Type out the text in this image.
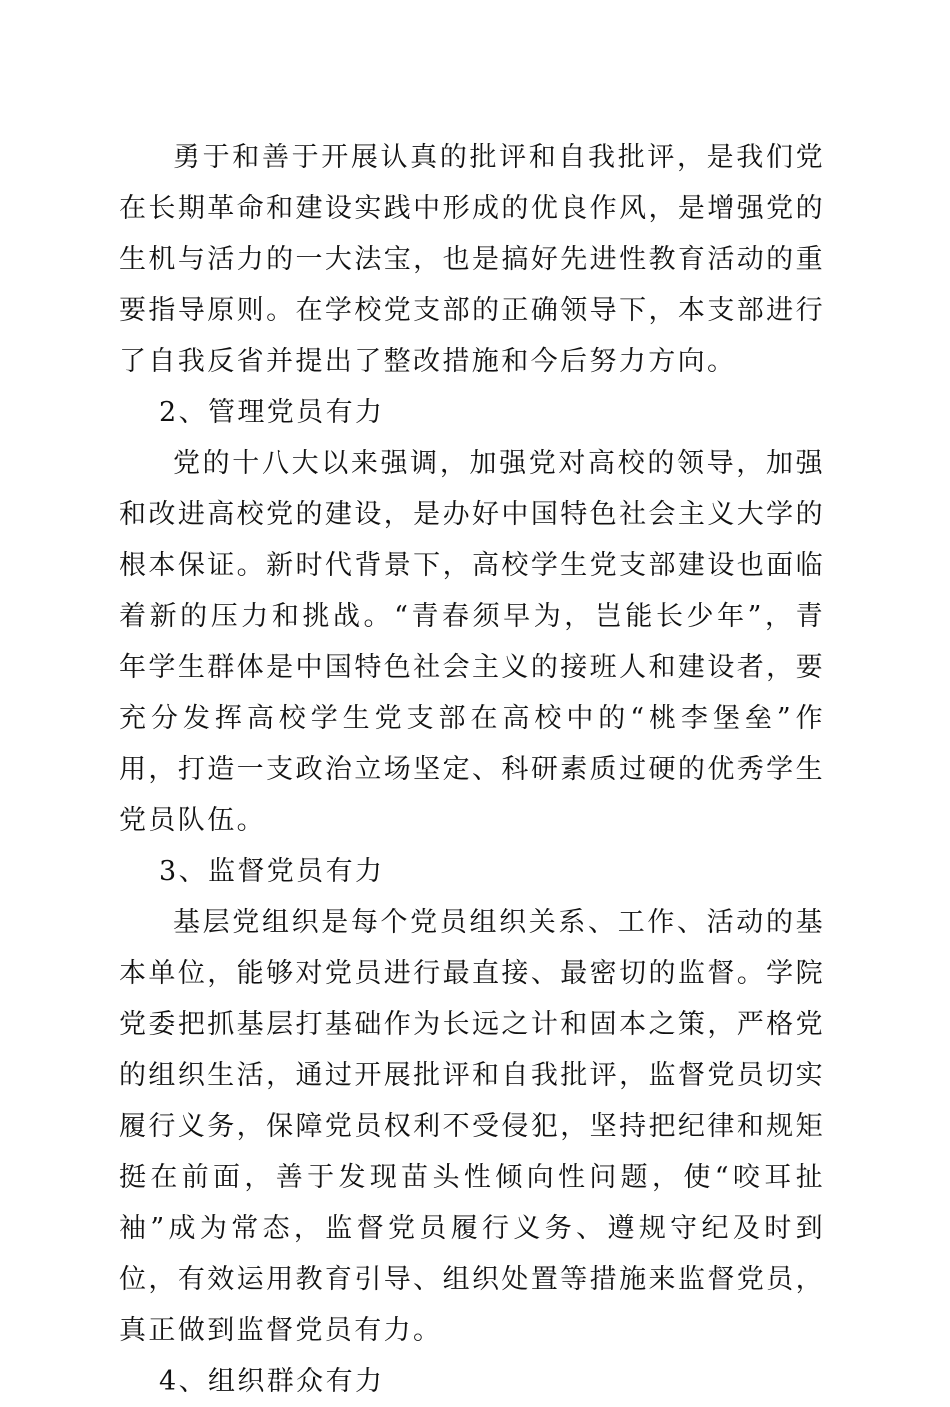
勇于和善于开展认真的批评和自我批评，是我们党在长期革命和建设实践中形成的优良作风，是增强党的生机与活力的一大法宝，也是搞好先进性教育活动的重要指导原则。在学校党支部的正确领导下，本支部进行了自我反省并提出了整改措施和今后努力方向。

2、管理党员有力

党的十八大以来强调，加强党对高校的领导，加强和改进高校党的建设，是办好中国特色社会主义大学的根本保证。新时代背景下，高校学生党支部建设也面临着新的压力和挑战。“青春须早为，岂能长少年”，青年学生群体是中国特色社会主义的接班人和建设者，要充分发挥高校学生党支部在高校中的“桃李堡垒”作用，打造一支政治立场坚定、科研素质过硬的优秀学生党员队伍。

3、监督党员有力

基层党组织是每个党员组织关系、工作、活动的基本单位，能够对党员进行最直接、最密切的监督。学院党委把抓基层打基础作为长远之计和固本之策，严格党的组织生活，通过开展批评和自我批评，监督党员切实履行义务，保障党员权利不受侵犯，坚持把纪律和规矩挺在前面，善于发现苗头性倾向性问题，使“咬耳扯袖”成为常态，监督党员履行义务、遵规守纪及时到位，有效运用教育引导、组织处置等措施来监督党员，真正做到监督党员有力。

4、组织群众有力
